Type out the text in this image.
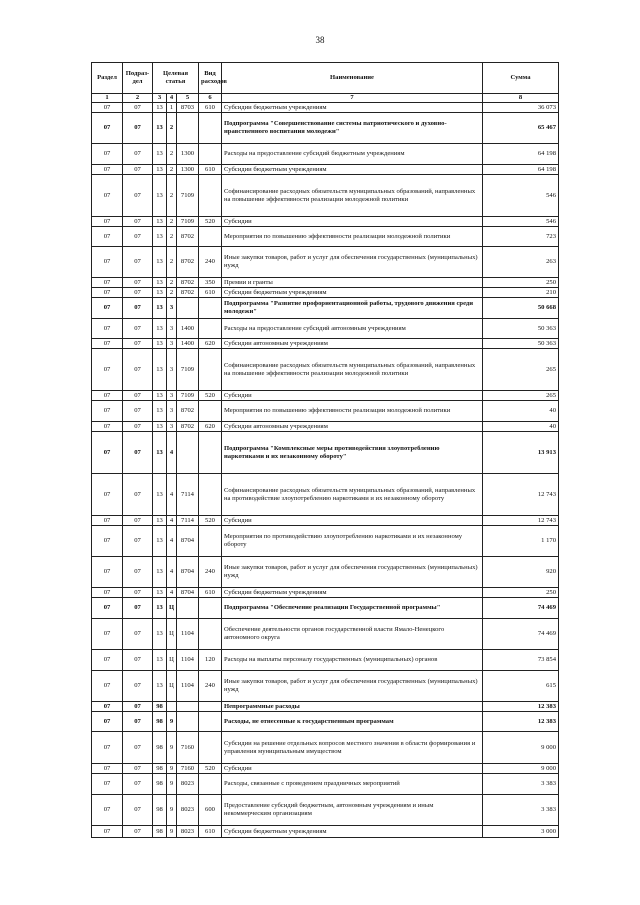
38
Раздел	Подраз-дел	Целевая статья			Вид расходов	Наименование	Сумма
1	2	3	4	5	6	7	8
07	07	13	1	8703	610	Субсидии бюджетным учреждениям	36 073
07	07	13	2			Подпрограмма "Совершенствование системы патриотического и духовно-нравственного воспитания молодежи"	65 467
07	07	13	2	1300		Расходы на предоставление субсидий бюджетным учреждениям	64 198
07	07	13	2	1300	610	Субсидии бюджетным учреждениям	64 198
07	07	13	2	7109		Софинансирование расходных обязательств муниципальных образований, направленных на повышение эффективности реализации молодежной политики	546
07	07	13	2	7109	520	Субсидии	546
07	07	13	2	8702		Мероприятия по повышению эффективности реализации молодежной политики	723
07	07	13	2	8702	240	Иные закупки товаров, работ и услуг для обеспечения государственных (муниципальных) нужд	263
07	07	13	2	8702	350	Премии и гранты	250
07	07	13	2	8702	610	Субсидии бюджетным учреждениям	210
07	07	13	3			Подпрограмма "Развитие профориентационной работы, трудового движения среди молодежи"	50 668
07	07	13	3	1400		Расходы на предоставление субсидий автономным учреждениям	50 363
07	07	13	3	1400	620	Субсидии автономным учреждениям	50 363
07	07	13	3	7109		Софинансирование расходных обязательств муниципальных образований, направленных на повышение эффективности реализации молодежной политики	265
07	07	13	3	7109	520	Субсидии	265
07	07	13	3	8702		Мероприятия по повышению эффективности реализации молодежной политики	40
07	07	13	3	8702	620	Субсидии автономным учреждениям	40
07	07	13	4			Подпрограмма "Комплексные меры противодействия злоупотреблению наркотиками и их незаконному обороту"	13 913
07	07	13	4	7114		Софинансирование расходных обязательств муниципальных образований, направленных на противодействие злоупотреблению наркотиками и их незаконному обороту	12 743
07	07	13	4	7114	520	Субсидии	12 743
07	07	13	4	8704		Мероприятия по противодействию злоупотреблению наркотиками и их незаконному обороту	1 170
07	07	13	4	8704	240	Иные закупки товаров, работ и услуг для обеспечения государственных (муниципальных) нужд	920
07	07	13	4	8704	610	Субсидии бюджетным учреждениям	250
07	07	13	Ц			Подпрограмма "Обеспечение реализации Государственной программы"	74 469
07	07	13	Ц	1104		Обеспечение деятельности органов государственной власти Ямало-Ненецкого автономного округа	74 469
07	07	13	Ц	1104	120	Расходы на выплаты персоналу государственных (муниципальных) органов	73 854
07	07	13	Ц	1104	240	Иные закупки товаров, работ и услуг для обеспечения государственных (муниципальных) нужд	615
07	07	98				Непрограммные расходы	12 383
07	07	98	9			Расходы, не отнесенные к государственным программам	12 383
07	07	98	9	7160		Субсидии на решение отдельных вопросов местного значения в области формирования и управления муниципальным имуществом	9 000
07	07	98	9	7160	520	Субсидии	9 000
07	07	98	9	8023		Расходы, связанные с проведением праздничных мероприятий	3 383
07	07	98	9	8023	600	Предоставление субсидий бюджетным, автономным учреждениям и иным некоммерческим организациям	3 383
07	07	98	9	8023	610	Субсидии бюджетным учреждениям	3 000
